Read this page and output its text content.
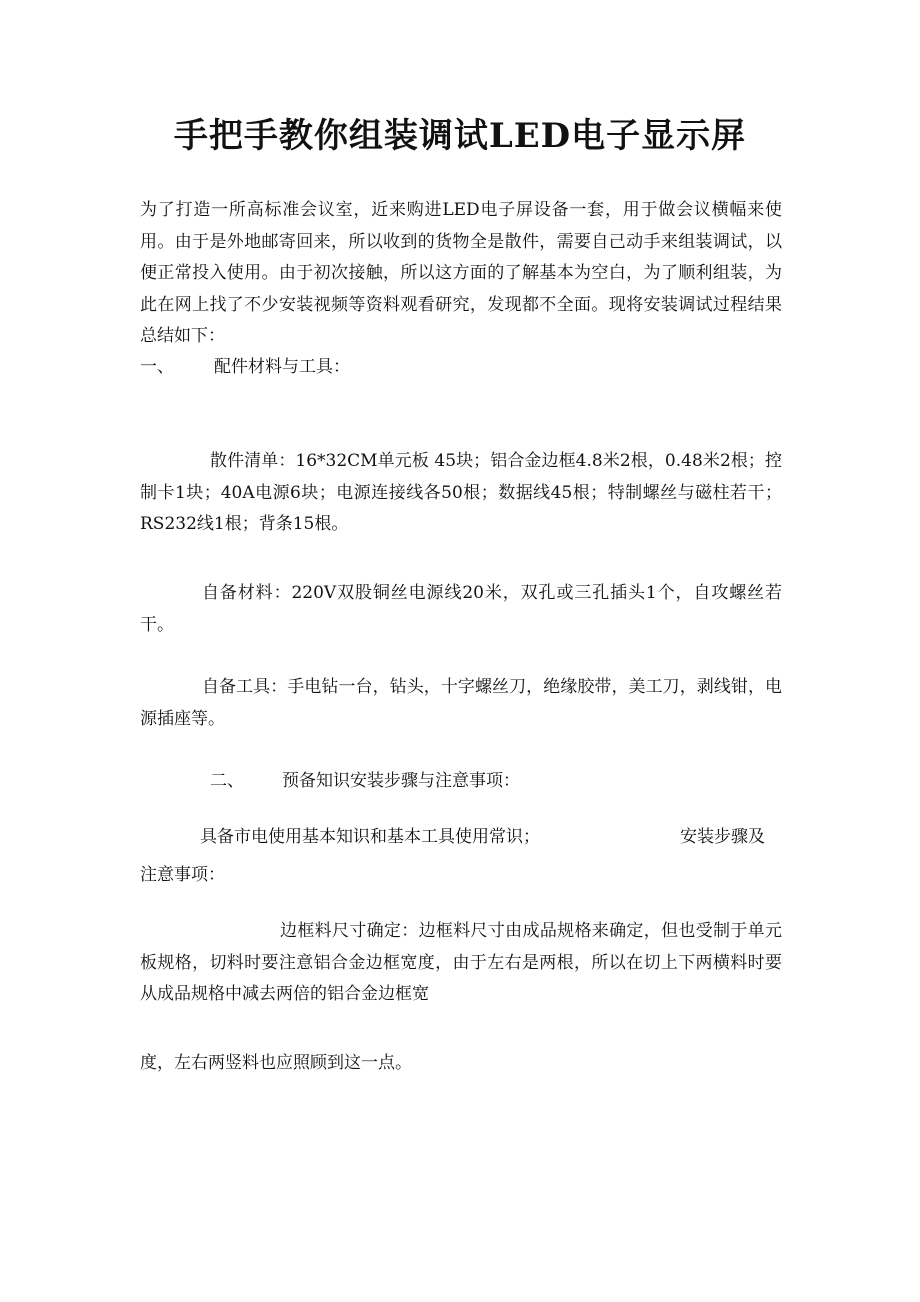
手把手教你组装调试LED电子显示屏

为了打造一所高标准会议室，近来购进LED电子屏设备一套，用于做会议横幅来使用。由于是外地邮寄回来，所以收到的货物全是散件，需要自己动手来组装调试，以便正常投入使用。由于初次接触，所以这方面的了解基本为空白，为了顺利组装，为此在网上找了不少安装视频等资料观看研究，发现都不全面。现将安装调试过程结果总结如下：

一、 配件材料与工具：

散件清单：16*32CM单元板 45块；铝合金边框4.8米2根，0.48米2根；控制卡1块；40A电源6块；电源连接线各50根；数据线45根；特制螺丝与磁柱若干；RS232线1根；背条15根。

自备材料：220V双股铜丝电源线20米，双孔或三孔插头1个，自攻螺丝若干。

自备工具：手电钻一台，钻头，十字螺丝刀，绝缘胶带，美工刀，剥线钳，电源插座等。

二、 预备知识安装步骤与注意事项：
具备市电使用基本知识和基本工具使用常识；	安装步骤及
注意事项：

边框料尺寸确定：边框料尺寸由成品规格来确定，但也受制于单元板规格，切料时要注意铝合金边框宽度，由于左右是两根，所以在切上下两横料时要从成品规格中减去两倍的铝合金边框宽

度，左右两竖料也应照顾到这一点。
